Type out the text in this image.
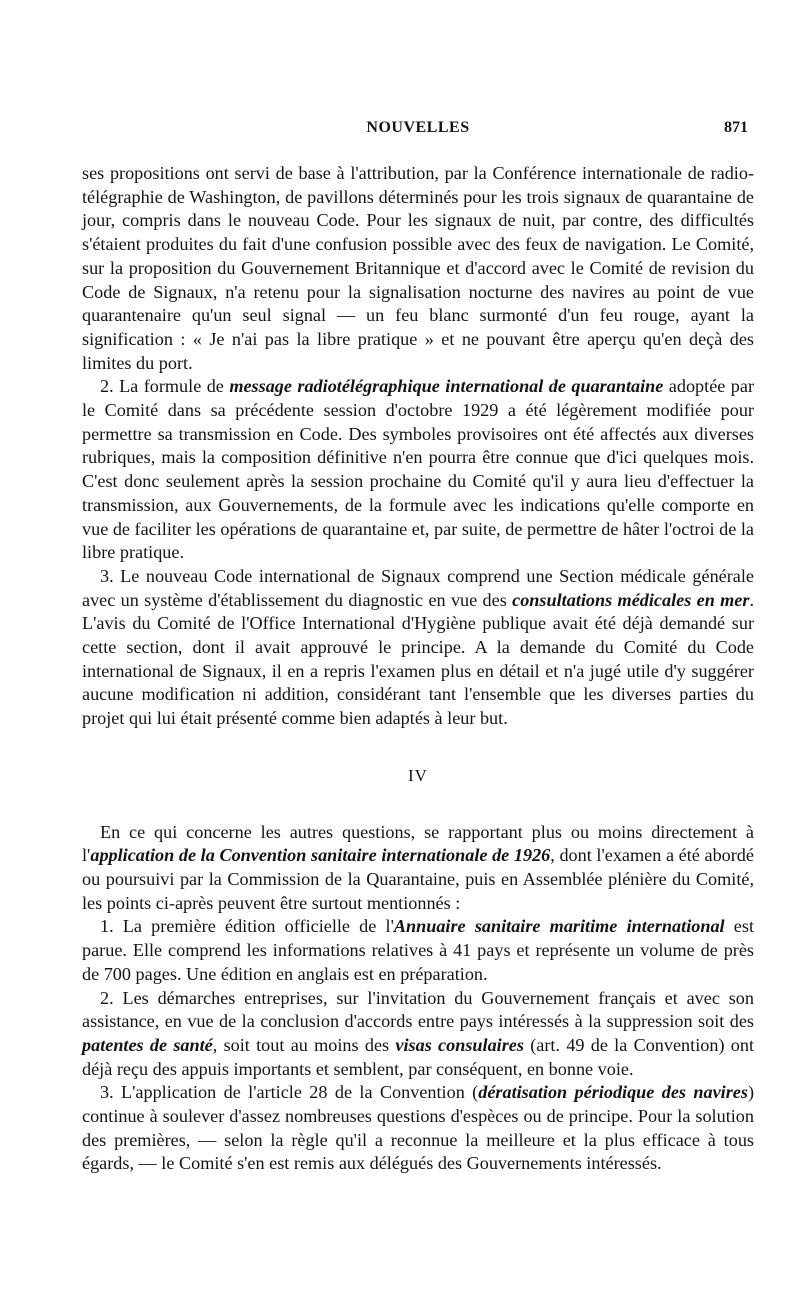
NOUVELLES	871

ses propositions ont servi de base à l'attribution, par la Conférence internationale de radio-télégraphie de Washington, de pavillons déterminés pour les trois signaux de quarantaine de jour, compris dans le nouveau Code. Pour les signaux de nuit, par contre, des difficultés s'étaient produites du fait d'une confusion possible avec des feux de navigation. Le Comité, sur la proposition du Gouvernement Britannique et d'accord avec le Comité de revision du Code de Signaux, n'a retenu pour la signalisation nocturne des navires au point de vue quarantenaire qu'un seul signal — un feu blanc surmonté d'un feu rouge, ayant la signification : « Je n'ai pas la libre pratique » et ne pouvant être aperçu qu'en deçà des limites du port.

2. La formule de message radiotélégraphique international de quarantaine adoptée par le Comité dans sa précédente session d'octobre 1929 a été légèrement modifiée pour permettre sa transmission en Code. Des symboles provisoires ont été affectés aux diverses rubriques, mais la composition définitive n'en pourra être connue que d'ici quelques mois. C'est donc seulement après la session prochaine du Comité qu'il y aura lieu d'effectuer la transmission, aux Gouvernements, de la formule avec les indications qu'elle comporte en vue de faciliter les opérations de quarantaine et, par suite, de permettre de hâter l'octroi de la libre pratique.

3. Le nouveau Code international de Signaux comprend une Section médicale générale avec un système d'établissement du diagnostic en vue des consultations médicales en mer. L'avis du Comité de l'Office International d'Hygiène publique avait été déjà demandé sur cette section, dont il avait approuvé le principe. A la demande du Comité du Code international de Signaux, il en a repris l'examen plus en détail et n'a jugé utile d'y suggérer aucune modification ni addition, considérant tant l'ensemble que les diverses parties du projet qui lui était présenté comme bien adaptés à leur but.

IV

En ce qui concerne les autres questions, se rapportant plus ou moins directement à l'application de la Convention sanitaire internationale de 1926, dont l'examen a été abordé ou poursuivi par la Commission de la Quarantaine, puis en Assemblée plénière du Comité, les points ci-après peuvent être surtout mentionnés :

1. La première édition officielle de l'Annuaire sanitaire maritime international est parue. Elle comprend les informations relatives à 41 pays et représente un volume de près de 700 pages. Une édition en anglais est en préparation.

2. Les démarches entreprises, sur l'invitation du Gouvernement français et avec son assistance, en vue de la conclusion d'accords entre pays intéressés à la suppression soit des patentes de santé, soit tout au moins des visas consulaires (art. 49 de la Convention) ont déjà reçu des appuis importants et semblent, par conséquent, en bonne voie.

3. L'application de l'article 28 de la Convention (dératisation périodique des navires) continue à soulever d'assez nombreuses questions d'espèces ou de principe. Pour la solution des premières, — selon la règle qu'il a reconnue la meilleure et la plus efficace à tous égards, — le Comité s'en est remis aux délégués des Gouvernements intéressés.
